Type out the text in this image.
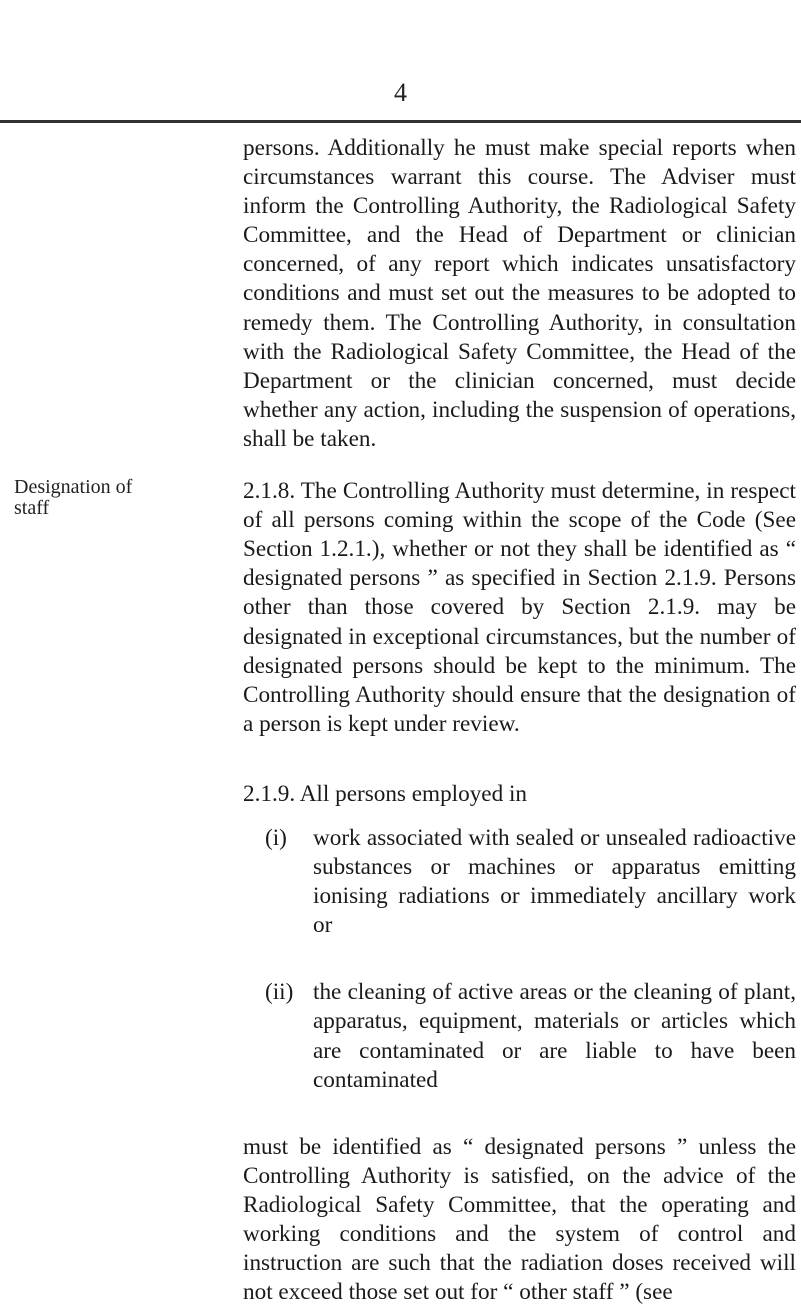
4
Designation of staff

persons. Additionally he must make special reports when circumstances warrant this course. The Adviser must inform the Controlling Authority, the Radiological Safety Committee, and the Head of Department or clinician concerned, of any report which indicates unsatisfactory conditions and must set out the measures to be adopted to remedy them. The Controlling Authority, in consultation with the Radiological Safety Committee, the Head of the Department or the clinician concerned, must decide whether any action, including the suspension of operations, shall be taken.

2.1.8. The Controlling Authority must determine, in respect of all persons coming within the scope of the Code (See Section 1.2.1.), whether or not they shall be identified as “ designated persons ” as specified in Section 2.1.9. Persons other than those covered by Section 2.1.9. may be designated in exceptional circumstances, but the number of designated persons should be kept to the minimum. The Controlling Authority should ensure that the designation of a person is kept under review.

2.1.9. All persons employed in

(i) work associated with sealed or unsealed radioactive substances or machines or apparatus emitting ionising radiations or immediately ancillary work or

(ii) the cleaning of active areas or the cleaning of plant, apparatus, equipment, materials or articles which are contaminated or are liable to have been contaminated

must be identified as “ designated persons ” unless the Controlling Authority is satisfied, on the advice of the Radiological Safety Committee, that the operating and working conditions and the system of control and instruction are such that the radiation doses received will not exceed those set out for “ other staff ” (see
